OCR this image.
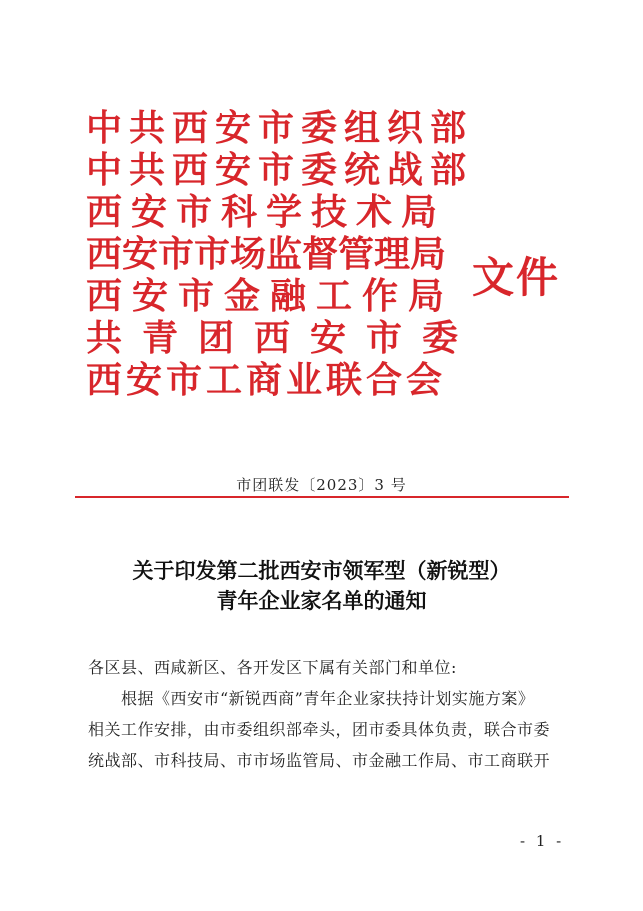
中共西安市委组织部
中共西安市委统战部
西安市科学技术局
西安市市场监督管理局
西安市金融工作局
共青团西安市委
西安市工商业联合会
文件
市团联发〔2023〕3 号
关于印发第二批西安市领军型（新锐型）
青年企业家名单的通知

各区县、西咸新区、各开发区下属有关部门和单位:

根据《西安市“新锐西商”青年企业家扶持计划实施方案》

相关工作安排，由市委组织部牵头，团市委具体负责，联合市委

统战部、市科技局、市市场监管局、市金融工作局、市工商联开

- 1 -
